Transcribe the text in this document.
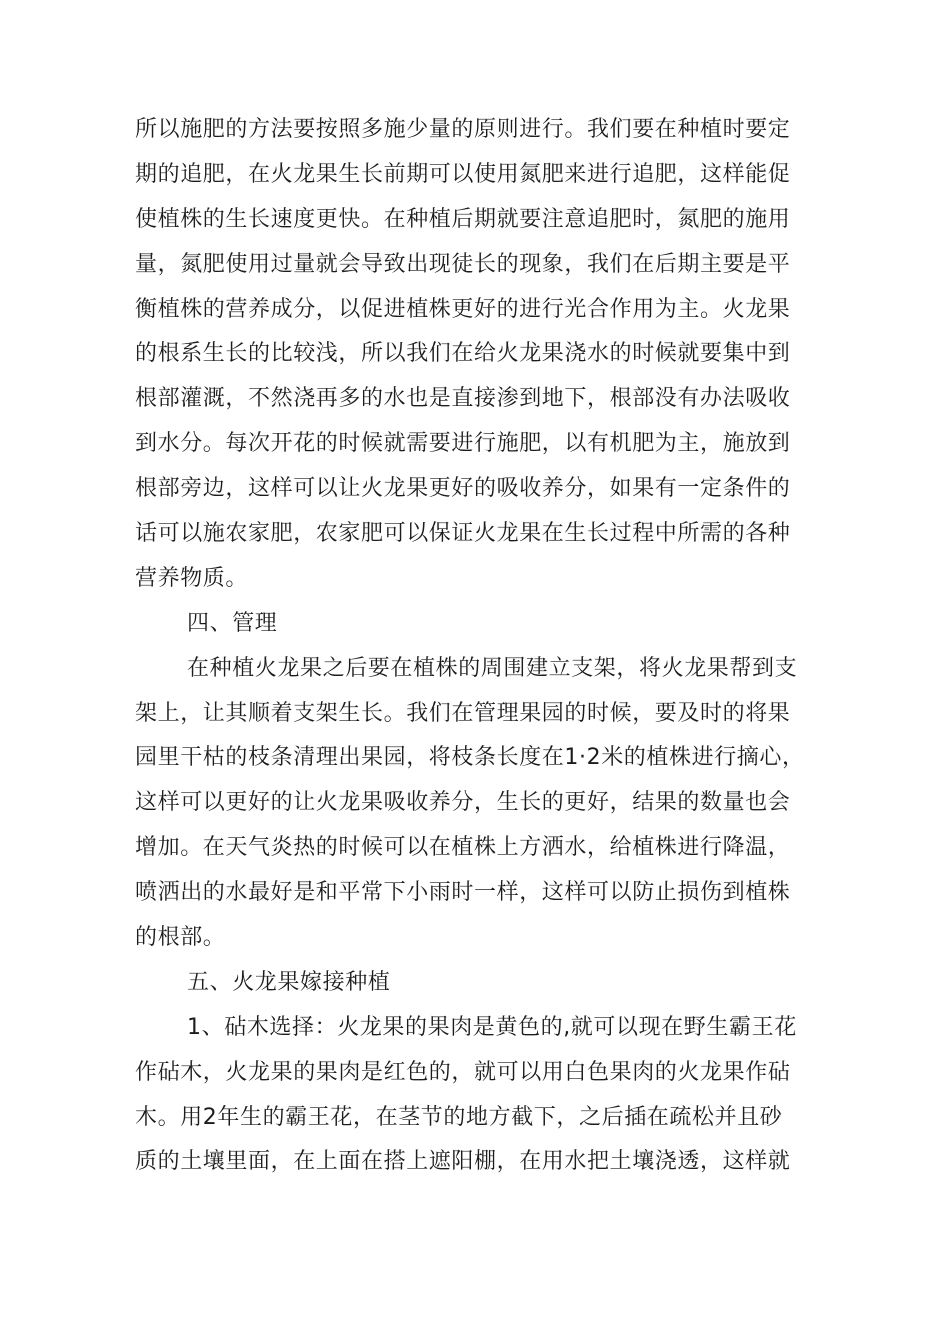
所以施肥的方法要按照多施少量的原则进行。我们要在种植时要定
期的追肥，在火龙果生长前期可以使用氮肥来进行追肥，这样能促
使植株的生长速度更快。在种植后期就要注意追肥时，氮肥的施用
量，氮肥使用过量就会导致出现徒长的现象，我们在后期主要是平
衡植株的营养成分，以促进植株更好的进行光合作用为主。火龙果
的根系生长的比较浅，所以我们在给火龙果浇水的时候就要集中到
根部灌溉，不然浇再多的水也是直接渗到地下，根部没有办法吸收
到水分。每次开花的时候就需要进行施肥，以有机肥为主，施放到
根部旁边，这样可以让火龙果更好的吸收养分，如果有一定条件的
话可以施农家肥，农家肥可以保证火龙果在生长过程中所需的各种
营养物质。
四、管理
在种植火龙果之后要在植株的周围建立支架，将火龙果帮到支
架上，让其顺着支架生长。我们在管理果园的时候，要及时的将果
园里干枯的枝条清理出果园，将枝条长度在1·2米的植株进行摘心，
这样可以更好的让火龙果吸收养分，生长的更好，结果的数量也会
增加。在天气炎热的时候可以在植株上方洒水，给植株进行降温，
喷洒出的水最好是和平常下小雨时一样，这样可以防止损伤到植株
的根部。
五、火龙果嫁接种植
1、砧木选择：火龙果的果肉是黄色的,就可以现在野生霸王花
作砧木，火龙果的果肉是红色的，就可以用白色果肉的火龙果作砧
木。用2年生的霸王花，在茎节的地方截下，之后插在疏松并且砂
质的土壤里面，在上面在搭上遮阳棚，在用水把土壤浇透，这样就
